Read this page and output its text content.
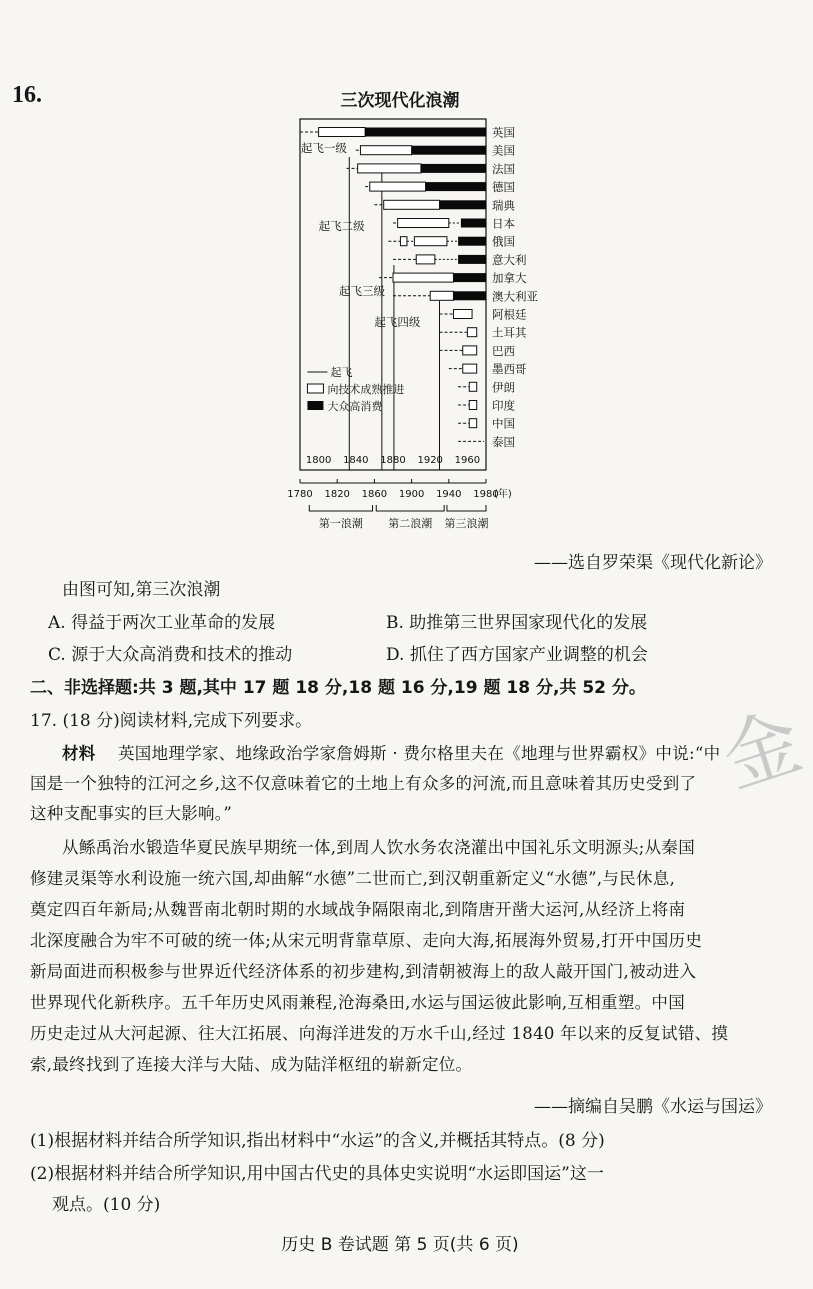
16.	三次现代化浪潮
英国
美国
法国
德国
瑞典
日本
俄国
意大利
加拿大
澳大利亚
阿根廷
土耳其
巴西
墨西哥
伊朗
印度
中国
泰国
起飞一级
起飞二级
起飞三级
起飞四级
起飞
向技术成熟推进
大众高消费
1800 1840 1880 1920 1960
1780 1820 1860 1900 1940 1980
(年)
第一浪潮 第二浪潮 第三浪潮
——选自罗荣渠《现代化新论》
由图可知,第三次浪潮
A. 得益于两次工业革命的发展	B. 助推第三世界国家现代化的发展
C. 源于大众高消费和技术的推动	D. 抓住了西方国家产业调整的机会
二、非选择题:共 3 题,其中 17 题 18 分,18 题 16 分,19 题 18 分,共 52 分。
17. (18 分)阅读材料,完成下列要求。
材料 英国地理学家、地缘政治学家詹姆斯 · 费尔格里夫在《地理与世界霸权》中说:“中
国是一个独特的江河之乡,这不仅意味着它的土地上有众多的河流,而且意味着其历史受到了
这种支配事实的巨大影响。”
从鲧禹治水锻造华夏民族早期统一体,到周人饮水务农浇灌出中国礼乐文明源头;从秦国
修建灵渠等水利设施一统六国,却曲解“水德”二世而亡,到汉朝重新定义“水德”,与民休息,
奠定四百年新局;从魏晋南北朝时期的水域战争隔限南北,到隋唐开凿大运河,从经济上将南
北深度融合为牢不可破的统一体;从宋元明背靠草原、走向大海,拓展海外贸易,打开中国历史
新局面进而积极参与世界近代经济体系的初步建构,到清朝被海上的敌人敲开国门,被动进入
世界现代化新秩序。五千年历史风雨兼程,沧海桑田,水运与国运彼此影响,互相重塑。中国
历史走过从大河起源、往大江拓展、向海洋进发的万水千山,经过 1840 年以来的反复试错、摸
索,最终找到了连接大洋与大陆、成为陆洋枢纽的崭新定位。
——摘编自吴鹏《水运与国运》
(1)根据材料并结合所学知识,指出材料中“水运”的含义,并概括其特点。(8 分)
(2)根据材料并结合所学知识,用中国古代史的具体史实说明“水运即国运”这一
观点。(10 分)
金
历史 B 卷试题 第 5 页(共 6 页)
